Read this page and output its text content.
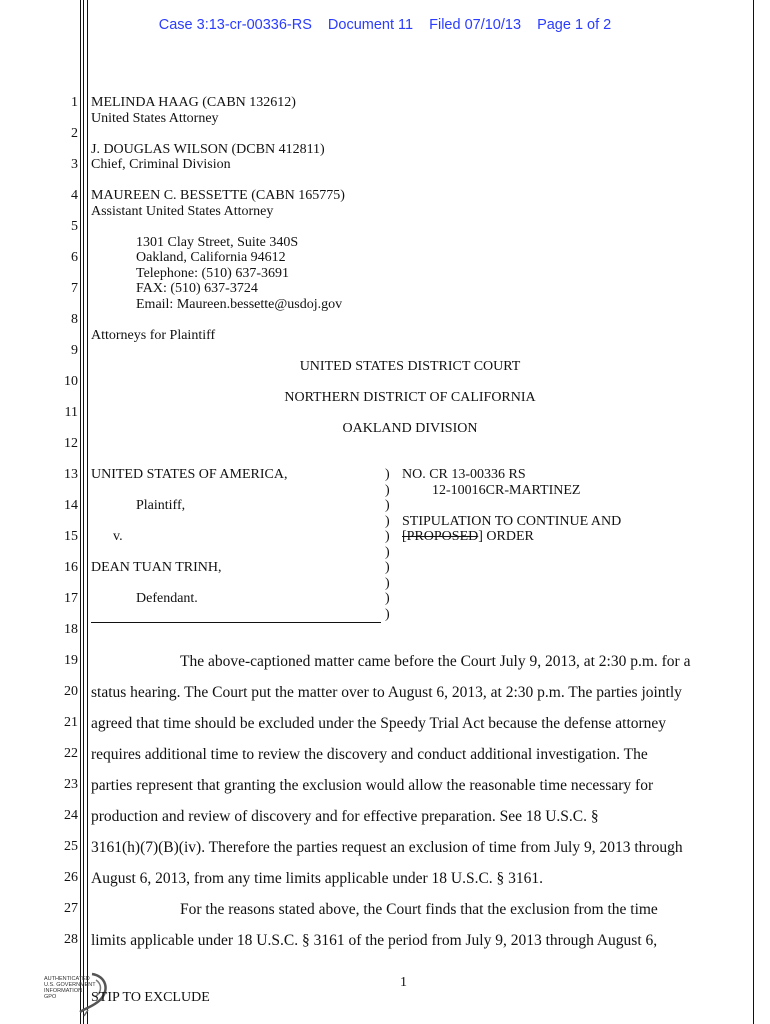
Case 3:13-cr-00336-RS Document 11 Filed 07/10/13 Page 1 of 2
1
2
3
4
5
6
7
8
9
10
11
12
13
14
15
16
17
18
19
20
21
22
23
24
25
26
27
28
MELINDA HAAG (CABN 132612)
United States Attorney
J. DOUGLAS WILSON (DCBN 412811)
Chief, Criminal Division
MAUREEN C. BESSETTE (CABN 165775)
Assistant United States Attorney
1301 Clay Street, Suite 340S
Oakland, California 94612
Telephone: (510) 637-3691
FAX: (510) 637-3724
Email: Maureen.bessette@usdoj.gov
Attorneys for Plaintiff
UNITED STATES DISTRICT COURT
NORTHERN DISTRICT OF CALIFORNIA
OAKLAND DIVISION
UNITED STATES OF AMERICA,
Plaintiff,
v.
DEAN TUAN TRINH,
Defendant.
)
)
)
)
)
)
)
)
)
)
NO. CR 13-00336 RS
12-10016CR-MARTINEZ
STIPULATION TO CONTINUE AND
[PROPOSED] ORDER
The above-captioned matter came before the Court July 9, 2013, at 2:30 p.m. for a
status hearing. The Court put the matter over to August 6, 2013, at 2:30 p.m. The parties jointly
agreed that time should be excluded under the Speedy Trial Act because the defense attorney
requires additional time to review the discovery and conduct additional investigation. The
parties represent that granting the exclusion would allow the reasonable time necessary for
production and review of discovery and for effective preparation. See 18 U.S.C. §
3161(h)(7)(B)(iv). Therefore the parties request an exclusion of time from July 9, 2013 through
August 6, 2013, from any time limits applicable under 18 U.S.C. § 3161.
For the reasons stated above, the Court finds that the exclusion from the time
limits applicable under 18 U.S.C. § 3161 of the period from July 9, 2013 through August 6,
AUTHENTICATED
U.S. GOVERNMENT
INFORMATION
GPO
1
STIP TO EXCLUDE
